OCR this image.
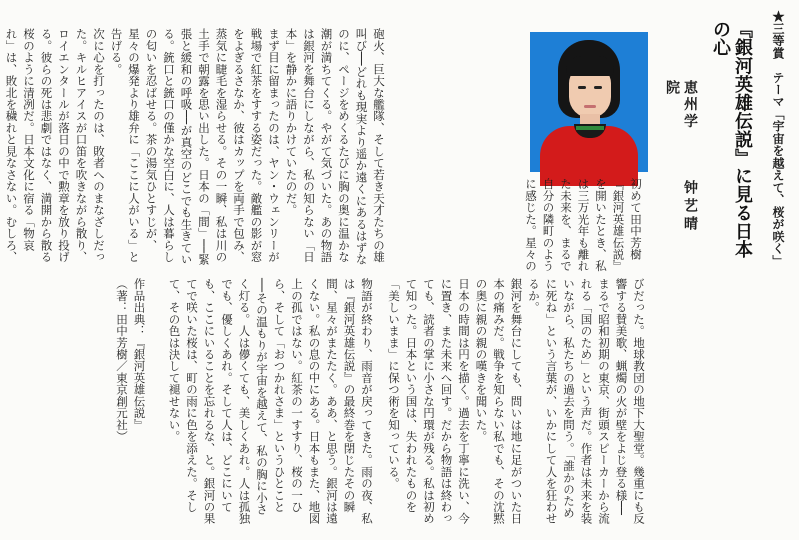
★三等賞　テーマ「宇宙を越えて、桜が咲く」
『銀河英雄伝説』に見る日本の心
恵州学院
钟艺晴
初めて田中芳樹『銀河英雄伝説』を開いたとき、私は三万光年も離れた未来を、まるで自分の隣町のように感じた。星々の
砲火、巨大な艦隊、そして若き天才たちの雄叫び──どれも現実より遥か遠くにあるはずなのに、ページをめくるたびに胸の奥に温かな潮が満ちてくる。やがて気づいた。あの物語は銀河を舞台にしながら、私の知らない「日本」を静かに語りかけていたのだ。
まず目に留まったのは、ヤン・ウェンリーが戦場で紅茶をすする姿だった。敵艦の影が窓をよぎるさなか、彼はカップを両手で包み、蒸気に睫毛を湿らせる。その一瞬、私は川の土手で朝露を思い出した。日本の「間」──緊張と緩和の呼吸──が真空のどこでも生きている。銃口と銃口の僅かな空白に、人は暮らしの匂いを忍ばせる。茶の湯気ひとすじが、星々の爆発より雄弁に「ここに人がいる」と告げる。
次に心を打ったのは、敗者へのまなざしだった。キルヒアイスが口笛を吹きながら散り、ロイエンタールが落日の中で勲章を放り投げる。彼らの死は悲劇ではなく、満開から散る桜のように清冽だ。日本文化に宿る「物哀れ」は、敗北を穢れと見なさない。むしろ、

びだった。地球教団の地下大聖堂。幾重にも反響する賛美歌、蝋燭の火が壁をよじ登る様──まるで昭和初期の東京、街頭スピーカーから流れる「国のため」という声だ。作者は未来を装いながら、私たちの過去を問う。「誰かのために死ね」という言葉が、いかにして人を狂わせるか。
銀河を舞台にしても、問いは地に足がついた日本の痛みだ。戦争を知らない私でも、その沈黙の奥に親の親の嘆きを聞いた。
日本の時間は円を描く。過去を丁寧に洗い、今に置き、また未来へ回す。だから物語は終わっても、読者の掌に小さな円環が残る。私は初めて知った。日本という国は、失われたものを「美しいまま」に保つ術を知っている。
物語が終わり、雨音が戻ってきた。雨の夜、私は『銀河英雄伝説』の最終巻を閉じたその瞬間、星々がまたたく。ああ、と思う。銀河は遠くない。私の息の中にある。日本もまた、地図上の孤ではない。紅茶の一すすり、桜の一ひら、そして「おつかれさま」というひとこと──その温もりが宇宙を越えて、私の胸に小さく灯る。人は儚くても、美しくあれ。人は孤独でも、優しくあれ。そして人は、どこにいても、ここにいることを忘れるな、と。銀河の果てで咲いた桜は、町の雨に色を添えた。そして、その色は決して褪せない。

作品出典：『銀河英雄伝説』
（著：田中芳樹／東京創元社）
